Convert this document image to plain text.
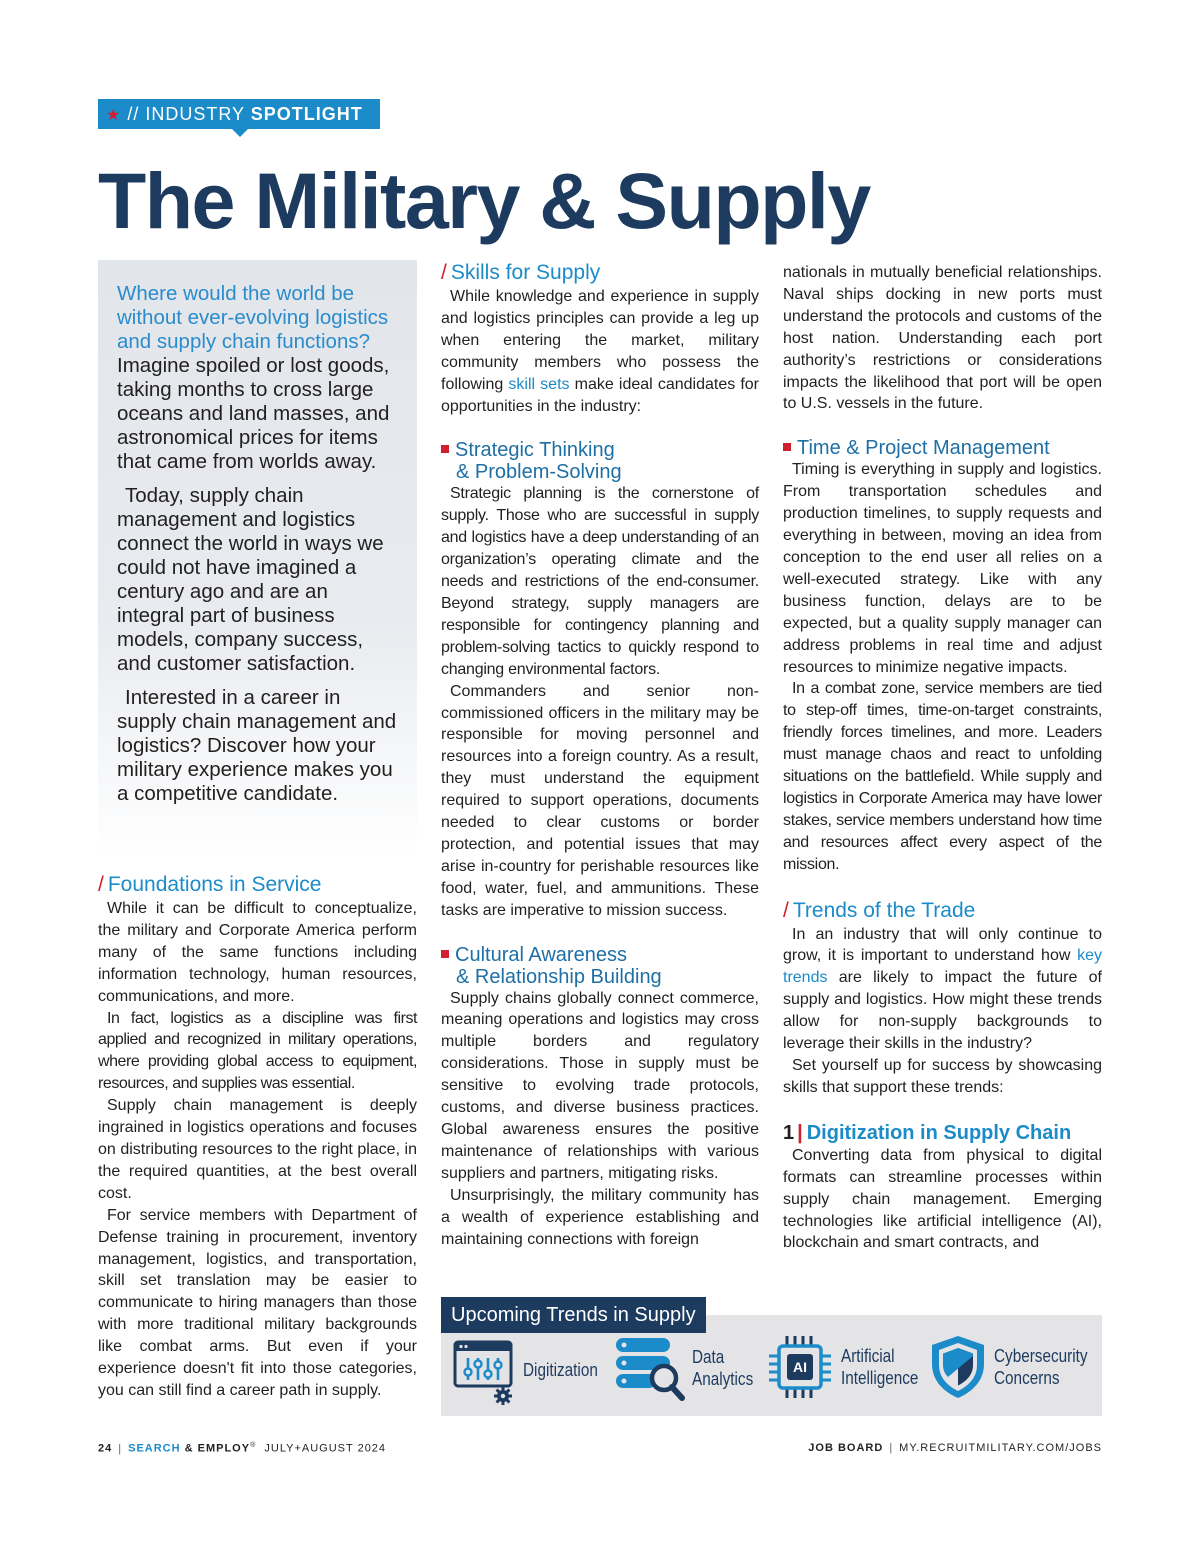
★ // INDUSTRY SPOTLIGHT
The Military & Supply

Where would the world be without ever-evolving logistics and supply chain functions? Imagine spoiled or lost goods, taking months to cross large oceans and land masses, and astronomical prices for items that came from worlds away.

Today, supply chain management and logistics connect the world in ways we could not have imagined a century ago and are an integral part of business models, company success, and customer satisfaction.

Interested in a career in supply chain management and logistics? Discover how your military experience makes you a competitive candidate.

/ Foundations in Service

While it can be difficult to conceptualize, the military and Corporate America perform many of the same functions including information technology, human resources, communications, and more.

In fact, logistics as a discipline was first applied and recognized in military operations, where providing global access to equipment, resources, and supplies was essential.

Supply chain management is deeply ingrained in logistics operations and focuses on distributing resources to the right place, in the required quantities, at the best overall cost.

For service members with Department of Defense training in procurement, inventory management, logistics, and transportation, skill set translation may be easier to communicate to hiring managers than those with more traditional military backgrounds like combat arms. But even if your experience doesn't fit into those categories, you can still find a career path in supply.

/ Skills for Supply

While knowledge and experience in supply and logistics principles can provide a leg up when entering the market, military community members who possess the following skill sets make ideal candidates for opportunities in the industry:

Strategic Thinking
& Problem-Solving

Strategic planning is the cornerstone of supply. Those who are successful in supply and logistics have a deep understanding of an organization’s operating climate and the needs and restrictions of the end-consumer. Beyond strategy, supply managers are responsible for contingency planning and problem-solving tactics to quickly respond to changing environmental factors.

Commanders and senior non-commissioned officers in the military may be responsible for moving personnel and resources into a foreign country. As a result, they must understand the equipment required to support operations, documents needed to clear customs or border protection, and potential issues that may arise in-country for perishable resources like food, water, fuel, and ammunitions. These tasks are imperative to mission success.

Cultural Awareness
& Relationship Building

Supply chains globally connect commerce, meaning operations and logistics may cross multiple borders and regulatory considerations. Those in supply must be sensitive to evolving trade protocols, customs, and diverse business practices. Global awareness ensures the positive maintenance of relationships with various suppliers and partners, mitigating risks.

Unsurprisingly, the military community has a wealth of experience establishing and maintaining connections with foreign

nationals in mutually beneficial relationships. Naval ships docking in new ports must understand the protocols and customs of the host nation. Understanding each port authority’s restrictions or considerations impacts the likelihood that port will be open to U.S. vessels in the future.

Time & Project Management

Timing is everything in supply and logistics. From transportation schedules and production timelines, to supply requests and everything in between, moving an idea from conception to the end user all relies on a well-executed strategy. Like with any business function, delays are to be expected, but a quality supply manager can address problems in real time and adjust resources to minimize negative impacts.

In a combat zone, service members are tied to step-off times, time-on-target constraints, friendly forces timelines, and more. Leaders must manage chaos and react to unfolding situations on the battlefield. While supply and logistics in Corporate America may have lower stakes, service members understand how time and resources affect every aspect of the mission.

/ Trends of the Trade

In an industry that will only continue to grow, it is important to understand how key trends are likely to impact the future of supply and logistics. How might these trends allow for non-supply backgrounds to leverage their skills in the industry?

Set yourself up for success by showcasing skills that support these trends:

1 | Digitization in Supply Chain

Converting data from physical to digital formats can streamline processes within supply chain management. Emerging technologies like artificial intelligence (AI), blockchain and smart contracts, and

Upcoming Trends in Supply
Digitization
Data
Analytics
AI
Artificial
Intelligence
Cybersecurity
Concerns
24 | SEARCH & EMPLOY® JULY+AUGUST 2024	JOB BOARD | MY.RECRUITMILITARY.COM/JOBS
